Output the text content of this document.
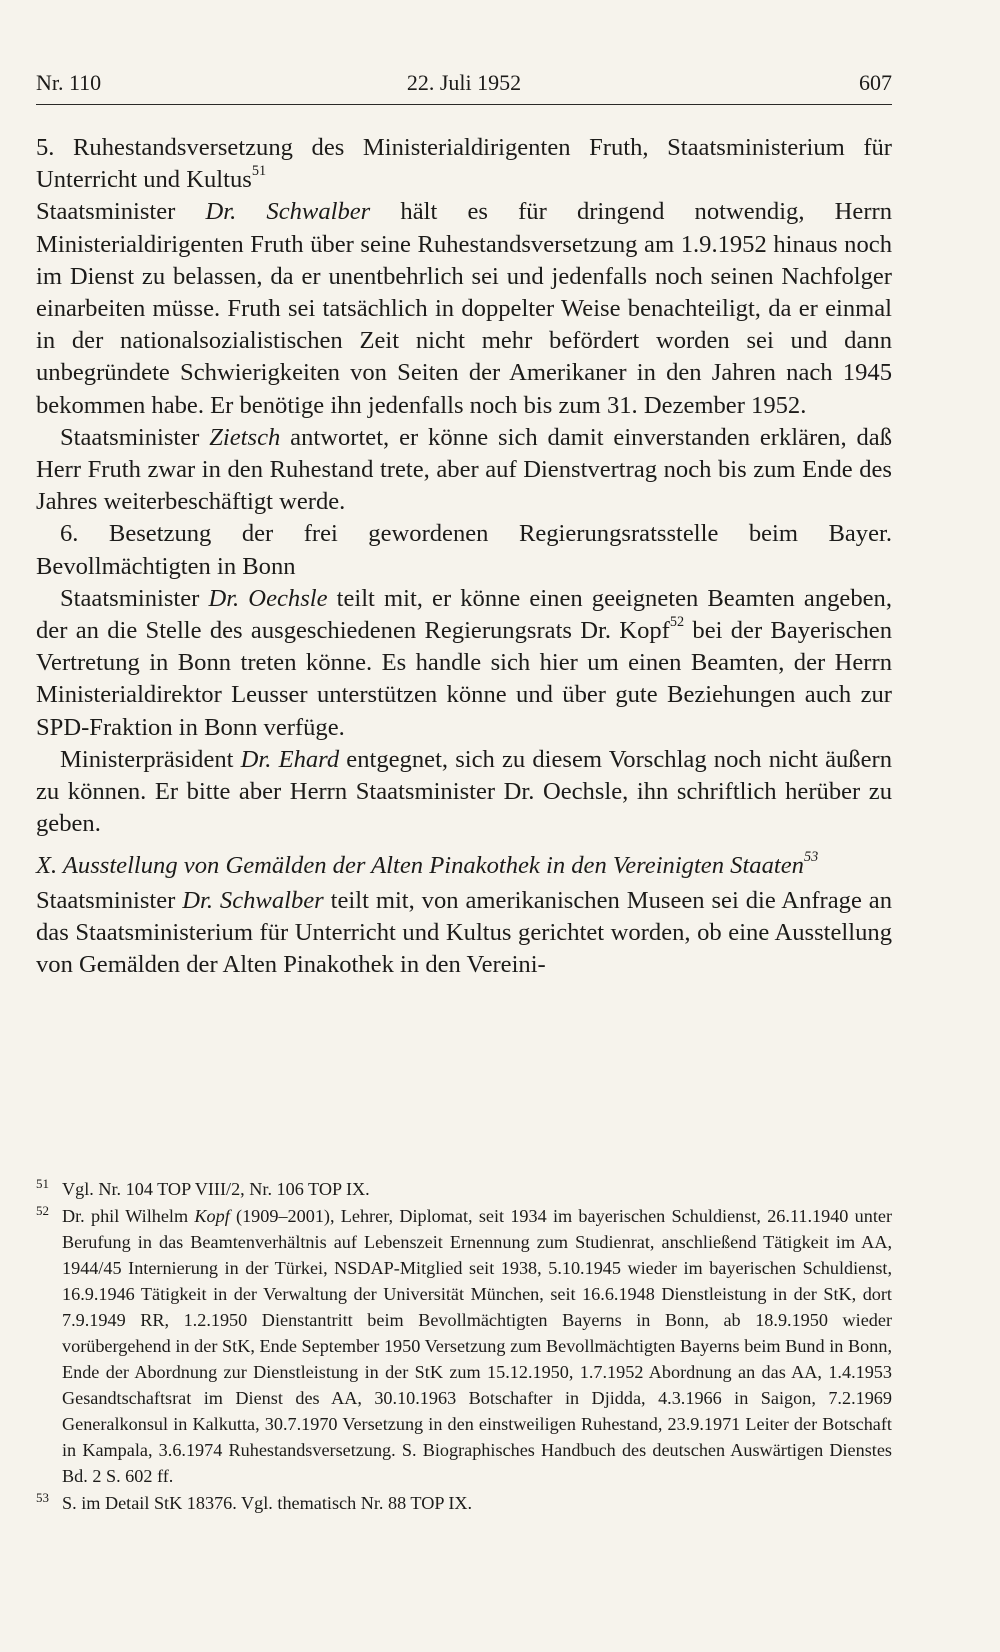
Nr. 110	22. Juli 1952	607

5. Ruhestandsversetzung des Ministerialdirigenten Fruth, Staatsministerium für Unterricht und Kultus$^{51}$

Staatsminister Dr. Schwalber hält es für dringend notwendig, Herrn Ministerialdirigenten Fruth über seine Ruhestandsversetzung am 1.9.1952 hinaus noch im Dienst zu belassen, da er unentbehrlich sei und jedenfalls noch seinen Nachfolger einarbeiten müsse. Fruth sei tatsächlich in doppelter Weise benachteiligt, da er einmal in der nationalsozialistischen Zeit nicht mehr befördert worden sei und dann unbegründete Schwierigkeiten von Seiten der Amerikaner in den Jahren nach 1945 bekommen habe. Er benötige ihn jedenfalls noch bis zum 31. Dezember 1952.

Staatsminister Zietsch antwortet, er könne sich damit einverstanden erklären, daß Herr Fruth zwar in den Ruhestand trete, aber auf Dienstvertrag noch bis zum Ende des Jahres weiterbeschäftigt werde.

6. Besetzung der frei gewordenen Regierungsratsstelle beim Bayer. Bevollmächtigten in Bonn

Staatsminister Dr. Oechsle teilt mit, er könne einen geeigneten Beamten angeben, der an die Stelle des ausgeschiedenen Regierungsrats Dr. Kopf$^{52}$ bei der Bayerischen Vertretung in Bonn treten könne. Es handle sich hier um einen Beamten, der Herrn Ministerialdirektor Leusser unterstützen könne und über gute Beziehungen auch zur SPD-Fraktion in Bonn verfüge.

Ministerpräsident Dr. Ehard entgegnet, sich zu diesem Vorschlag noch nicht äußern zu können. Er bitte aber Herrn Staatsminister Dr. Oechsle, ihn schriftlich herüber zu geben.

X. Ausstellung von Gemälden der Alten Pinakothek in den Vereinigten Staaten$^{53}$

Staatsminister Dr. Schwalber teilt mit, von amerikanischen Museen sei die Anfrage an das Staatsministerium für Unterricht und Kultus gerichtet worden, ob eine Ausstellung von Gemälden der Alten Pinakothek in den Vereini-

51 Vgl. Nr. 104 TOP VIII/2, Nr. 106 TOP IX.
52 Dr. phil Wilhelm Kopf (1909–2001), Lehrer, Diplomat, seit 1934 im bayerischen Schuldienst, 26.11.1940 unter Berufung in das Beamtenverhältnis auf Lebenszeit Ernennung zum Studienrat, anschließend Tätigkeit im AA, 1944/45 Internierung in der Türkei, NSDAP-Mitglied seit 1938, 5.10.1945 wieder im bayerischen Schuldienst, 16.9.1946 Tätigkeit in der Verwaltung der Universität München, seit 16.6.1948 Dienstleistung in der StK, dort 7.9.1949 RR, 1.2.1950 Dienstantritt beim Bevollmächtigten Bayerns in Bonn, ab 18.9.1950 wieder vorübergehend in der StK, Ende September 1950 Versetzung zum Bevollmächtigten Bayerns beim Bund in Bonn, Ende der Abordnung zur Dienstleistung in der StK zum 15.12.1950, 1.7.1952 Abordnung an das AA, 1.4.1953 Gesandtschaftsrat im Dienst des AA, 30.10.1963 Botschafter in Djidda, 4.3.1966 in Saigon, 7.2.1969 Generalkonsul in Kalkutta, 30.7.1970 Versetzung in den einstweiligen Ruhestand, 23.9.1971 Leiter der Botschaft in Kampala, 3.6.1974 Ruhestandsversetzung. S. Biographisches Handbuch des deutschen Auswärtigen Dienstes Bd. 2 S. 602 ff.
53 S. im Detail StK 18376. Vgl. thematisch Nr. 88 TOP IX.
